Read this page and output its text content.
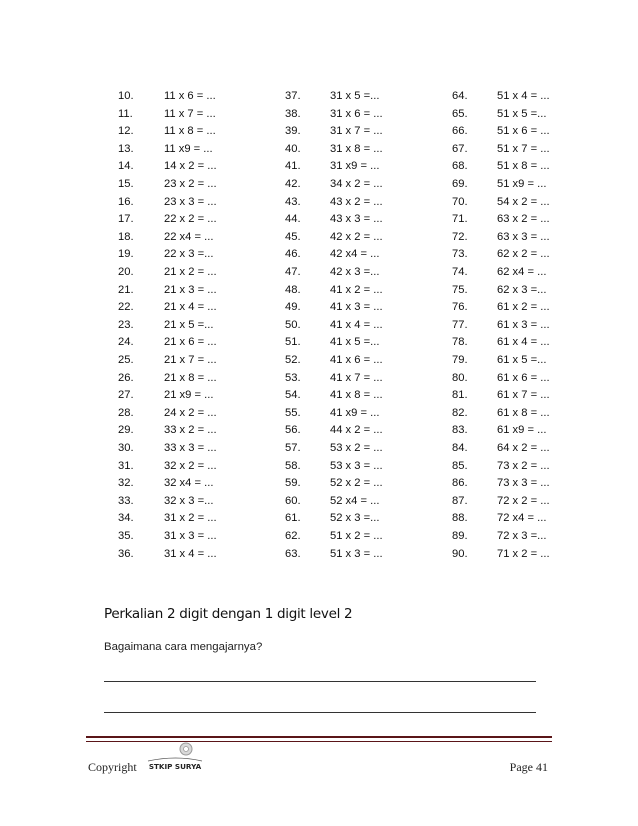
10.	11 x 6 = ...	37.	31 x 5 =...	64.	51 x 4 = ...
11.	11 x 7 = ...	38.	31 x 6 = ...	65.	51 x 5 =...
12.	11 x 8 = ...	39.	31 x 7 = ...	66.	51 x 6 = ...
13.	11 x9 = ...	40.	31 x 8 = ...	67.	51 x 7 = ...
14.	14 x 2 = ...	41.	31 x9 = ...	68.	51 x 8 = ...
15.	23 x 2 = ...	42.	34 x 2 = ...	69.	51 x9 = ...
16.	23 x 3 = ...	43.	43 x 2 = ...	70.	54 x 2 = ...
17.	22 x 2 = ...	44.	43 x 3 = ...	71.	63 x 2 = ...
18.	22 x4 = ...	45.	42 x 2 = ...	72.	63 x 3 = ...
19.	22 x 3 =...	46.	42 x4 = ...	73.	62 x 2 = ...
20.	21 x 2 = ...	47.	42 x 3 =...	74.	62 x4 = ...
21.	21 x 3 = ...	48.	41 x 2 = ...	75.	62 x 3 =...
22.	21 x 4 = ...	49.	41 x 3 = ...	76.	61 x 2 = ...
23.	21 x 5 =...	50.	41 x 4 = ...	77.	61 x 3 = ...
24.	21 x 6 = ...	51.	41 x 5 =...	78.	61 x 4 = ...
25.	21 x 7 = ...	52.	41 x 6 = ...	79.	61 x 5 =...
26.	21 x 8 = ...	53.	41 x 7 = ...	80.	61 x 6 = ...
27.	21 x9 = ...	54.	41 x 8 = ...	81.	61 x 7 = ...
28.	24 x 2 = ...	55.	41 x9 = ...	82.	61 x 8 = ...
29.	33 x 2 = ...	56.	44 x 2 = ...	83.	61 x9 = ...
30.	33 x 3 = ...	57.	53 x 2 = ...	84.	64 x 2 = ...
31.	32 x 2 = ...	58.	53 x 3 = ...	85.	73 x 2 = ...
32.	32 x4 = ...	59.	52 x 2 = ...	86.	73 x 3 = ...
33.	32 x 3 =...	60.	52 x4 = ...	87.	72 x 2 = ...
34.	31 x 2 = ...	61.	52 x 3 =...	88.	72 x4 = ...
35.	31 x 3 = ...	62.	51 x 2 = ...	89.	72 x 3 =...
36.	31 x 4 = ...	63.	51 x 3 = ...	90.	71 x 2 = ...
Perkalian 2 digit dengan 1 digit level 2
Bagaimana cara mengajarnya?
Copyright STKIP SURYA	Page 41
